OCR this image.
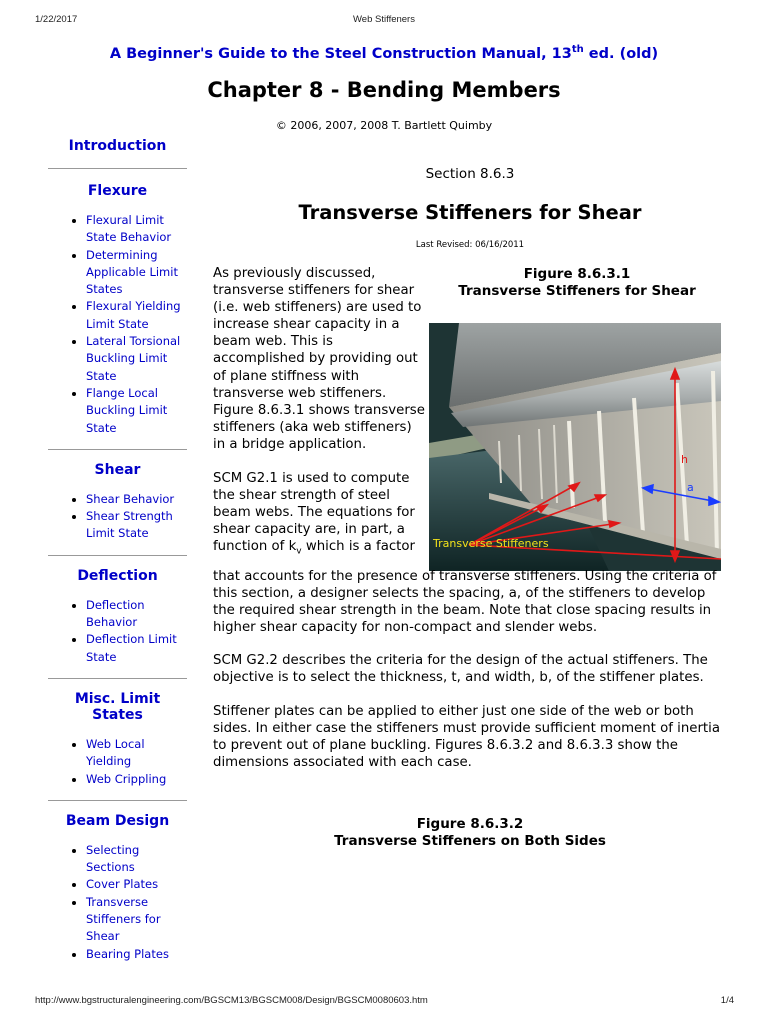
1/22/2017	Web Stiffeners
http://www.bgstructuralengineering.com/BGSCM13/BGSCM008/Design/BGSCM0080603.htm	1/4
A Beginner's Guide to the Steel Construction Manual, 13th ed. (old)
Chapter 8 - Bending Members
© 2006, 2007, 2008 T. Bartlett Quimby
Introduction
Flexure
• Flexural Limit State Behavior
• Determining Applicable Limit States
• Flexural Yielding Limit State
• Lateral Torsional Buckling Limit State
• Flange Local Buckling Limit State
Shear
• Shear Behavior
• Shear Strength Limit State
Deflection
• Deflection Behavior
• Deflection Limit State
Misc. Limit States
• Web Local Yielding
• Web Crippling
Beam Design
• Selecting Sections
• Cover Plates
• Transverse Stiffeners for Shear
• Bearing Plates
Section 8.6.3
Transverse Stiffeners for Shear
Last Revised: 06/16/2011

As previously discussed, transverse stiffeners for shear (i.e. web stiffeners) are used to increase shear capacity in a beam web. This is accomplished by providing out of plane stiffness with transverse web stiffeners. Figure 8.6.3.1 shows transverse stiffeners (aka web stiffeners) in a bridge application.

SCM G2.1 is used to compute the shear strength of steel beam webs. The equations for shear capacity are, in part, a function of $k_v$ which is a factor

Figure 8.6.3.1
Transverse Stiffeners for Shear
h
a
Transverse Stiffeners

that accounts for the presence of transverse stiffeners. Using the criteria of this section, a designer selects the spacing, a, of the stiffeners to develop the required shear strength in the beam. Note that close spacing results in higher shear capacity for non-compact and slender webs.

SCM G2.2 describes the criteria for the design of the actual stiffeners. The objective is to select the thickness, t, and width, b, of the stiffener plates.

Stiffener plates can be applied to either just one side of the web or both sides. In either case the stiffeners must provide sufficient moment of inertia to prevent out of plane buckling. Figures 8.6.3.2 and 8.6.3.3 show the dimensions associated with each case.

Figure 8.6.3.2
Transverse Stiffeners on Both Sides
